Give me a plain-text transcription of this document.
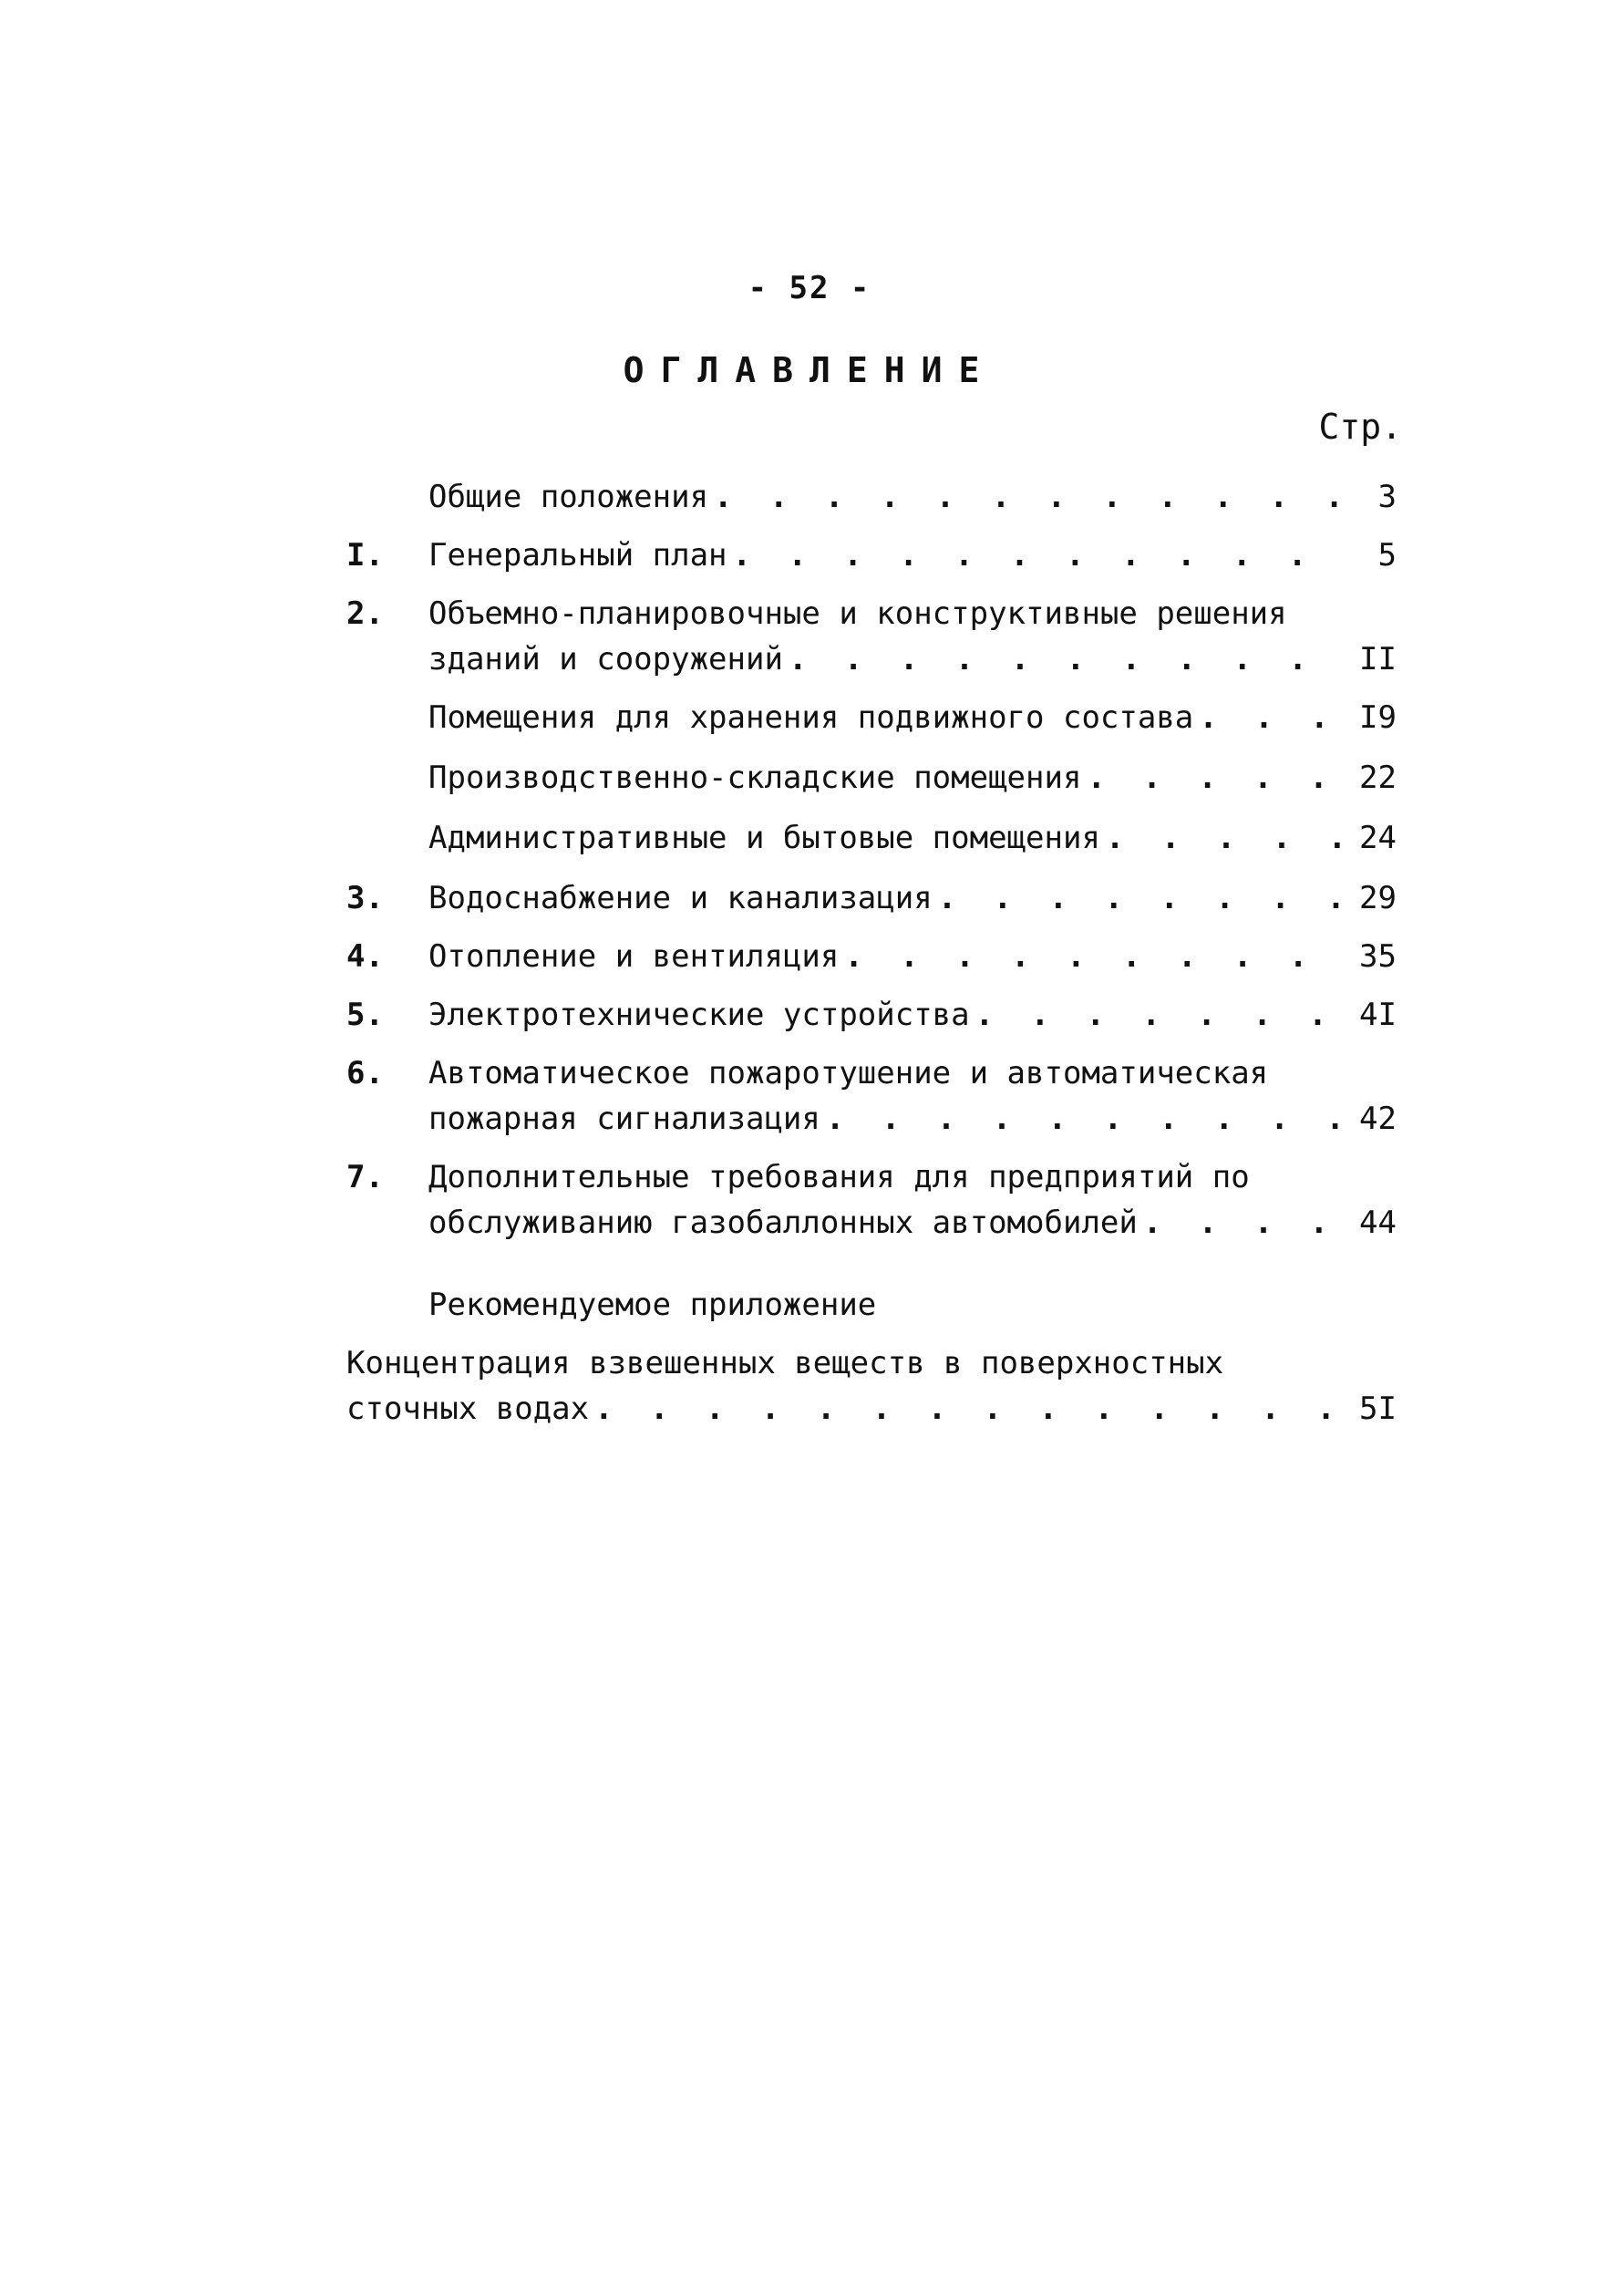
- 52 -
ОГЛАВЛЕНИЕ
Стр.
Общие положения . . .	3
I. Генеральный план . . .	5
2. Объемно-планировочные и конструктивные решения
зданий и сооружений . . .	II
Помещения для хранения подвижного состава . . .	I9
Производственно-складские помещения . . .	22
Административные и бытовые помещения . . .	24
3. Водоснабжение и канализация . . .	29
4. Отопление и вентиляция . . .	35
5. Электротехнические устройства . . .	4I
6. Автоматическое пожаротушение и автоматическая
пожарная сигнализация . . .	42
7. Дополнительные требования для предприятий по
обслуживанию газобаллонных автомобилей . . .	44
Рекомендуемое приложение
Концентрация взвешенных веществ в поверхностных
сточных водах . . .	5I
